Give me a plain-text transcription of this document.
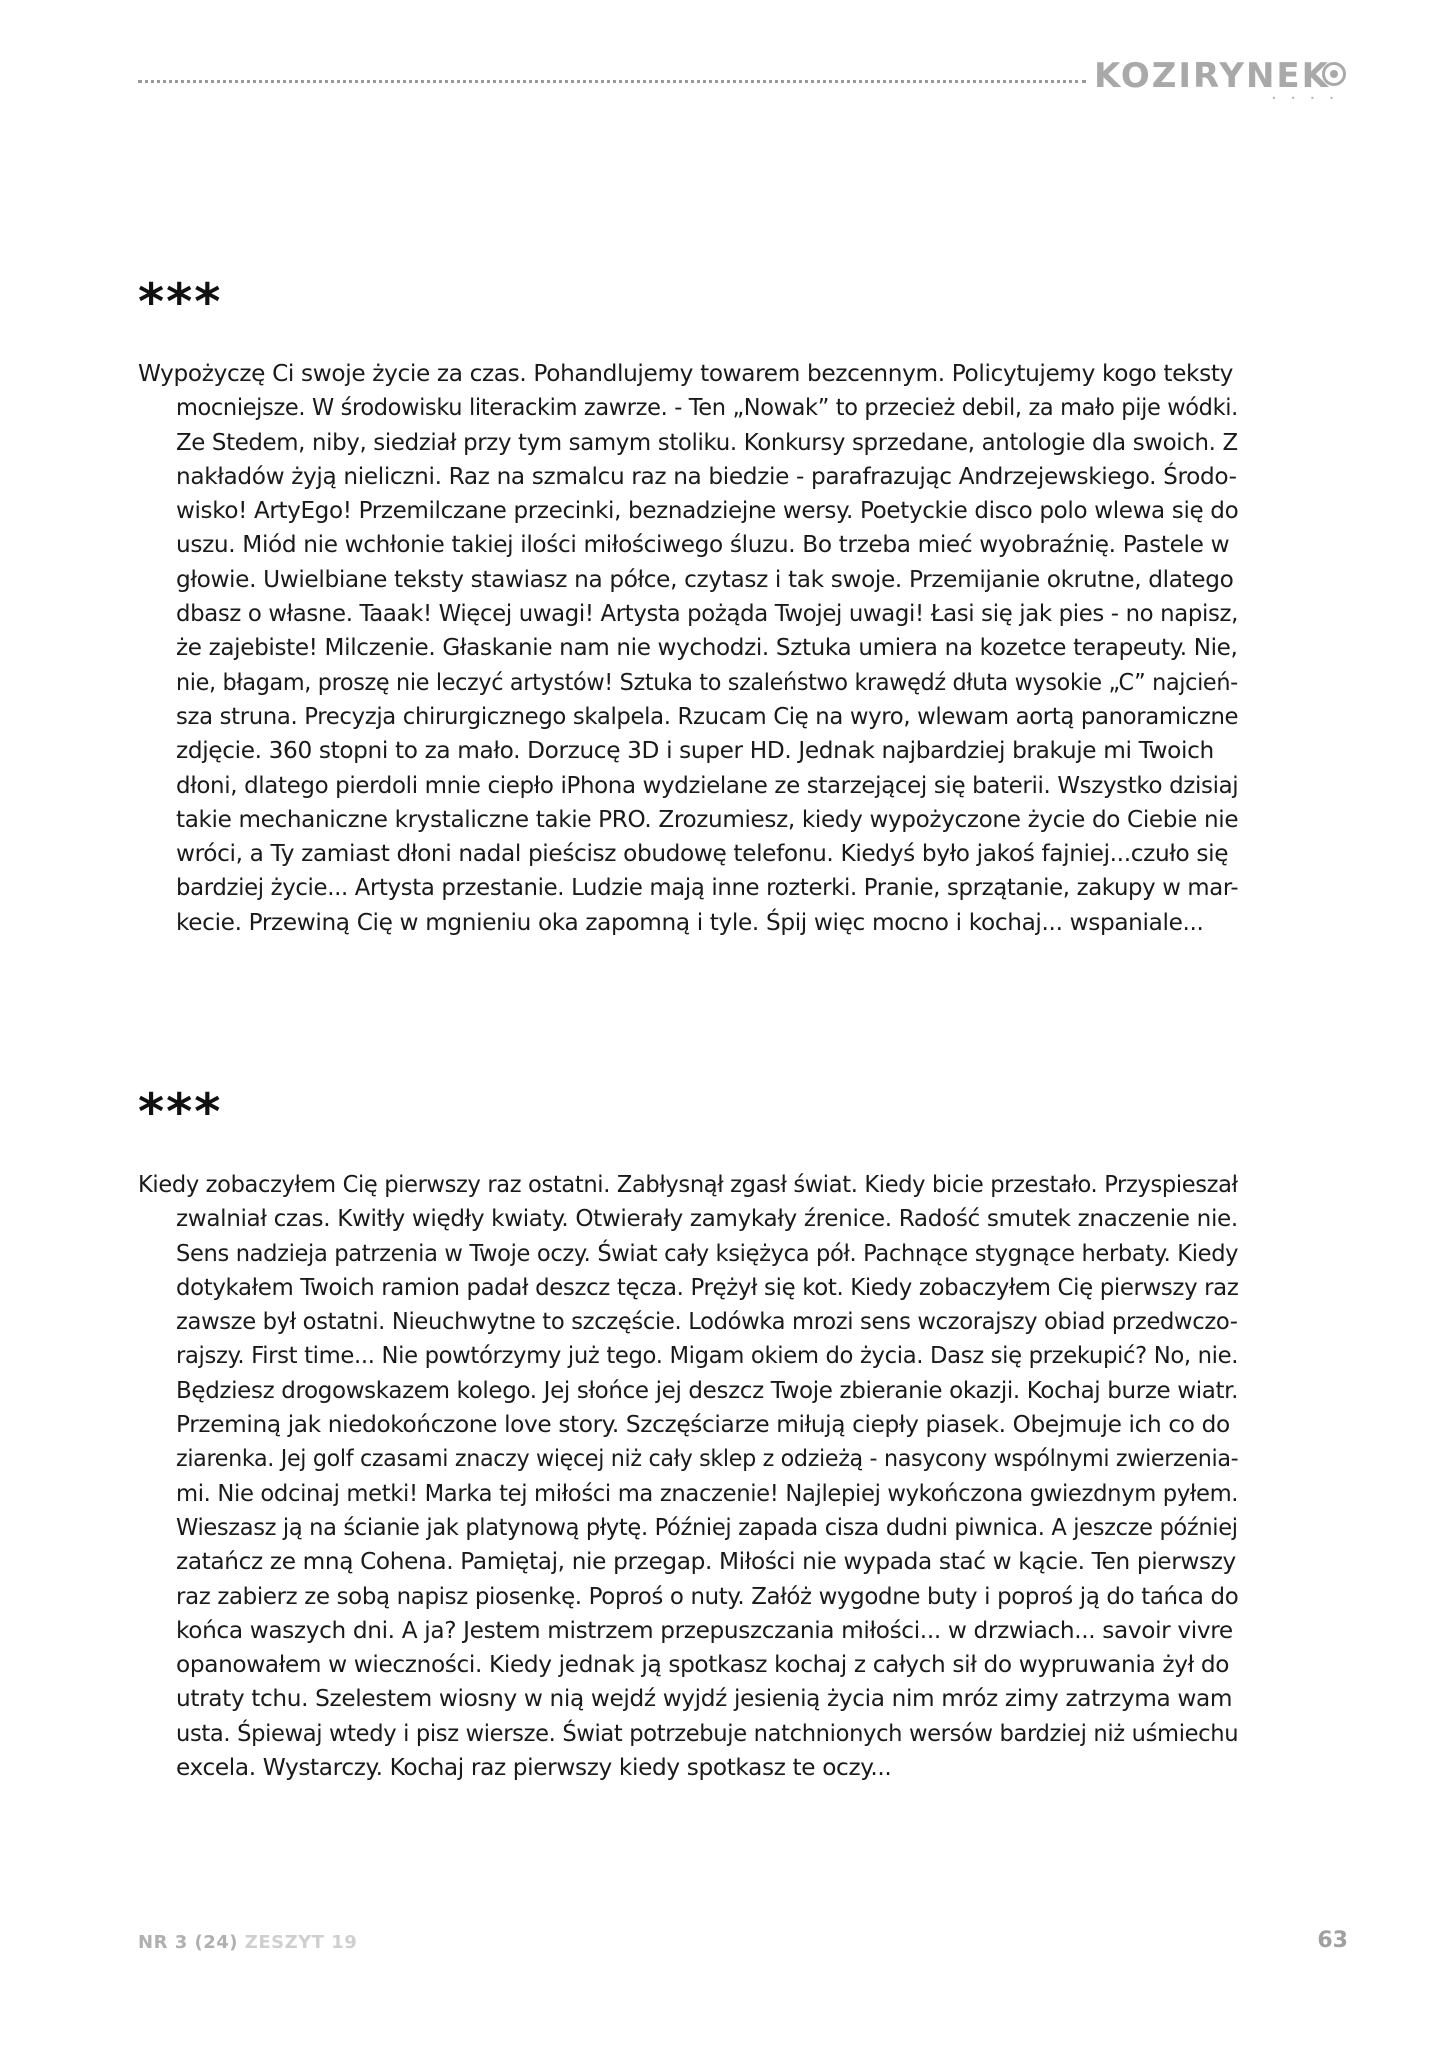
KOZIRYNEK
• • • •
***
Wypożyczę Ci swoje życie za czas. Pohandlujemy towarem bezcennym. Policytujemy kogo teksty
mocniejsze. W środowisku literackim zawrze. - Ten „Nowak” to przecież debil, za mało pije wódki.
Ze Stedem, niby, siedział przy tym samym stoliku. Konkursy sprzedane, antologie dla swoich. Z
nakładów żyją nieliczni. Raz na szmalcu raz na biedzie - parafrazując Andrzejewskiego. Środo-
wisko! ArtyEgo! Przemilczane przecinki, beznadziejne wersy. Poetyckie disco polo wlewa się do
uszu. Miód nie wchłonie takiej ilości miłościwego śluzu. Bo trzeba mieć wyobraźnię. Pastele w
głowie. Uwielbiane teksty stawiasz na półce, czytasz i tak swoje. Przemijanie okrutne, dlatego
dbasz o własne. Taaak! Więcej uwagi! Artysta pożąda Twojej uwagi! Łasi się jak pies - no napisz,
że zajebiste! Milczenie. Głaskanie nam nie wychodzi. Sztuka umiera na kozetce terapeuty. Nie,
nie, błagam, proszę nie leczyć artystów! Sztuka to szaleństwo krawędź dłuta wysokie „C” najcień-
sza struna. Precyzja chirurgicznego skalpela. Rzucam Cię na wyro, wlewam aortą panoramiczne
zdjęcie. 360 stopni to za mało. Dorzucę 3D i super HD. Jednak najbardziej brakuje mi Twoich
dłoni, dlatego pierdoli mnie ciepło iPhona wydzielane ze starzejącej się baterii. Wszystko dzisiaj
takie mechaniczne krystaliczne takie PRO. Zrozumiesz, kiedy wypożyczone życie do Ciebie nie
wróci, a Ty zamiast dłoni nadal pieścisz obudowę telefonu. Kiedyś było jakoś fajniej...czuło się
bardziej życie... Artysta przestanie. Ludzie mają inne rozterki. Pranie, sprzątanie, zakupy w mar-
kecie. Przewiną Cię w mgnieniu oka zapomną i tyle. Śpij więc mocno i kochaj... wspaniale...
***
Kiedy zobaczyłem Cię pierwszy raz ostatni. Zabłysnął zgasł świat. Kiedy bicie przestało. Przyspieszał
zwalniał czas. Kwitły więdły kwiaty. Otwierały zamykały źrenice. Radość smutek znaczenie nie.
Sens nadzieja patrzenia w Twoje oczy. Świat cały księżyca pół. Pachnące stygnące herbaty. Kiedy
dotykałem Twoich ramion padał deszcz tęcza. Prężył się kot. Kiedy zobaczyłem Cię pierwszy raz
zawsze był ostatni. Nieuchwytne to szczęście. Lodówka mrozi sens wczorajszy obiad przedwczo-
rajszy. First time... Nie powtórzymy już tego. Migam okiem do życia. Dasz się przekupić? No, nie.
Będziesz drogowskazem kolego. Jej słońce jej deszcz Twoje zbieranie okazji. Kochaj burze wiatr.
Przeminą jak niedokończone love story. Szczęściarze miłują ciepły piasek. Obejmuje ich co do
ziarenka. Jej golf czasami znaczy więcej niż cały sklep z odzieżą - nasycony wspólnymi zwierzenia-
mi. Nie odcinaj metki! Marka tej miłości ma znaczenie! Najlepiej wykończona gwiezdnym pyłem.
Wieszasz ją na ścianie jak platynową płytę. Później zapada cisza dudni piwnica. A jeszcze później
zatańcz ze mną Cohena. Pamiętaj, nie przegap. Miłości nie wypada stać w kącie. Ten pierwszy
raz zabierz ze sobą napisz piosenkę. Poproś o nuty. Załóż wygodne buty i poproś ją do tańca do
końca waszych dni. A ja? Jestem mistrzem przepuszczania miłości... w drzwiach... savoir vivre
opanowałem w wieczności. Kiedy jednak ją spotkasz kochaj z całych sił do wypruwania żył do
utraty tchu. Szelestem wiosny w nią wejdź wyjdź jesienią życia nim mróz zimy zatrzyma wam
usta. Śpiewaj wtedy i pisz wiersze. Świat potrzebuje natchnionych wersów bardziej niż uśmiechu
excela. Wystarczy. Kochaj raz pierwszy kiedy spotkasz te oczy...
NR 3 (24) ZESZYT 19	63
